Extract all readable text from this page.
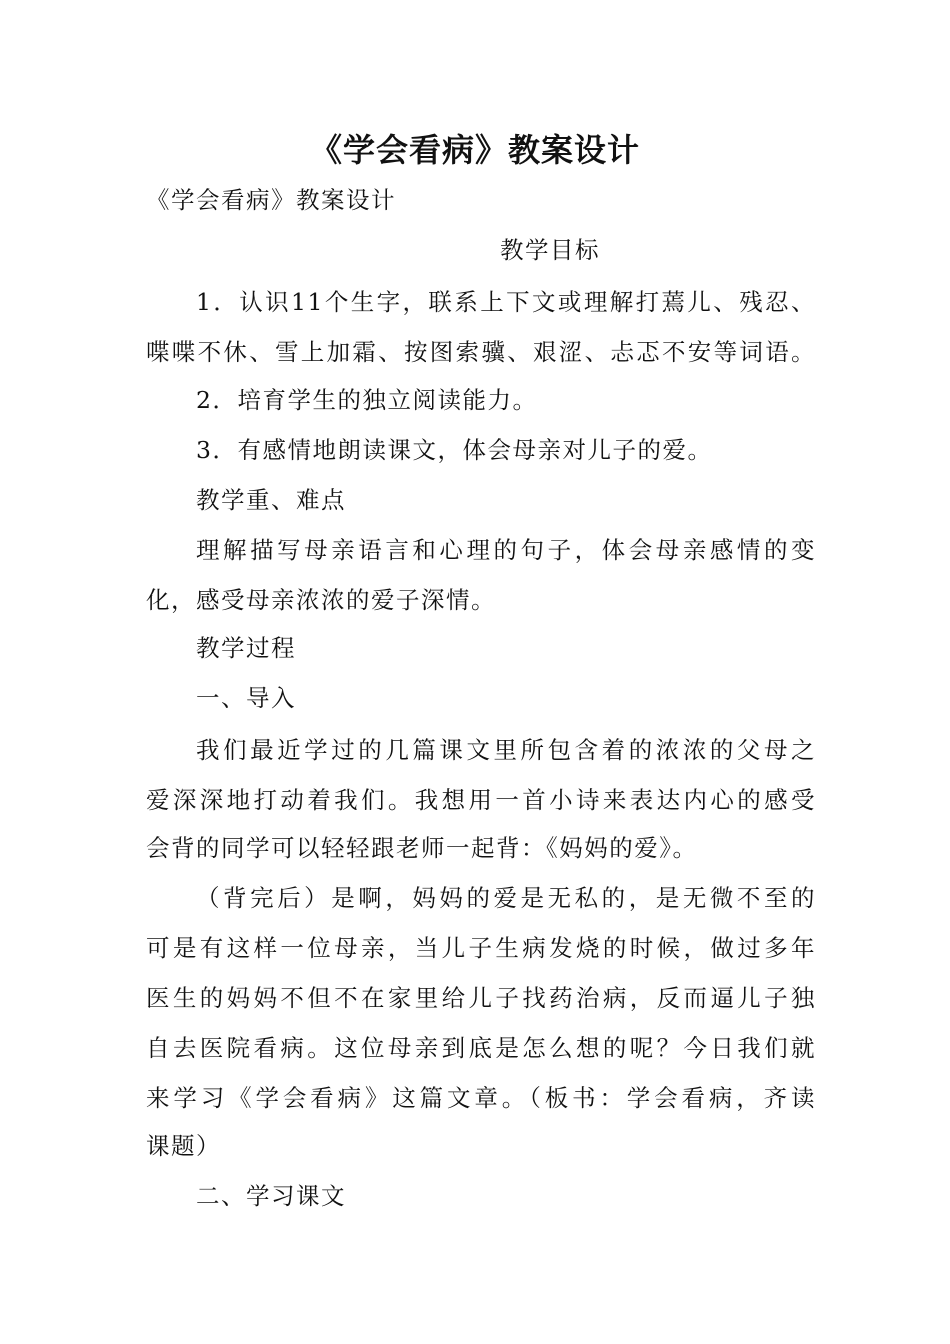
《学会看病》教案设计
《学会看病》教案设计
教学目标
1．认识11个生字，联系上下文或理解打蔫儿、残忍、
喋喋不休、雪上加霜、按图索骥、艰涩、忐忑不安等词语。
2．培育学生的独立阅读能力。
3．有感情地朗读课文，体会母亲对儿子的爱。
教学重、难点
理解描写母亲语言和心理的句子，体会母亲感情的变
化，感受母亲浓浓的爱子深情。
教学过程
一、导入
我们最近学过的几篇课文里所包含着的浓浓的父母之
爱深深地打动着我们。我想用一首小诗来表达内心的感受
会背的同学可以轻轻跟老师一起背：《妈妈的爱》。
（背完后）是啊，妈妈的爱是无私的，是无微不至的
可是有这样一位母亲，当儿子生病发烧的时候，做过多年
医生的妈妈不但不在家里给儿子找药治病，反而逼儿子独
自去医院看病。这位母亲到底是怎么想的呢？今日我们就
来学习《学会看病》这篇文章。（板书：学会看病，齐读
课题）
二、学习课文
